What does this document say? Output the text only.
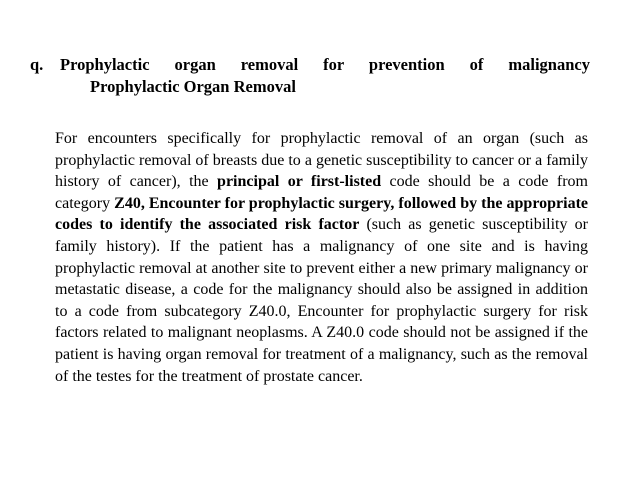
q.	Prophylactic organ removal for prevention of malignancy
Prophylactic Organ Removal
For encounters specifically for prophylactic removal of an organ (such as prophylactic removal of breasts due to a genetic susceptibility to cancer or a family history of cancer), the principal or first-listed code should be a code from category Z40, Encounter for prophylactic surgery, followed by the appropriate codes to identify the associated risk factor (such as genetic susceptibility or family history). If the patient has a malignancy of one site and is having prophylactic removal at another site to prevent either a new primary malignancy or metastatic disease, a code for the malignancy should also be assigned in addition to a code from subcategory Z40.0, Encounter for prophylactic surgery for risk factors related to malignant neoplasms. A Z40.0 code should not be assigned if the patient is having organ removal for treatment of a malignancy, such as the removal of the testes for the treatment of prostate cancer.
